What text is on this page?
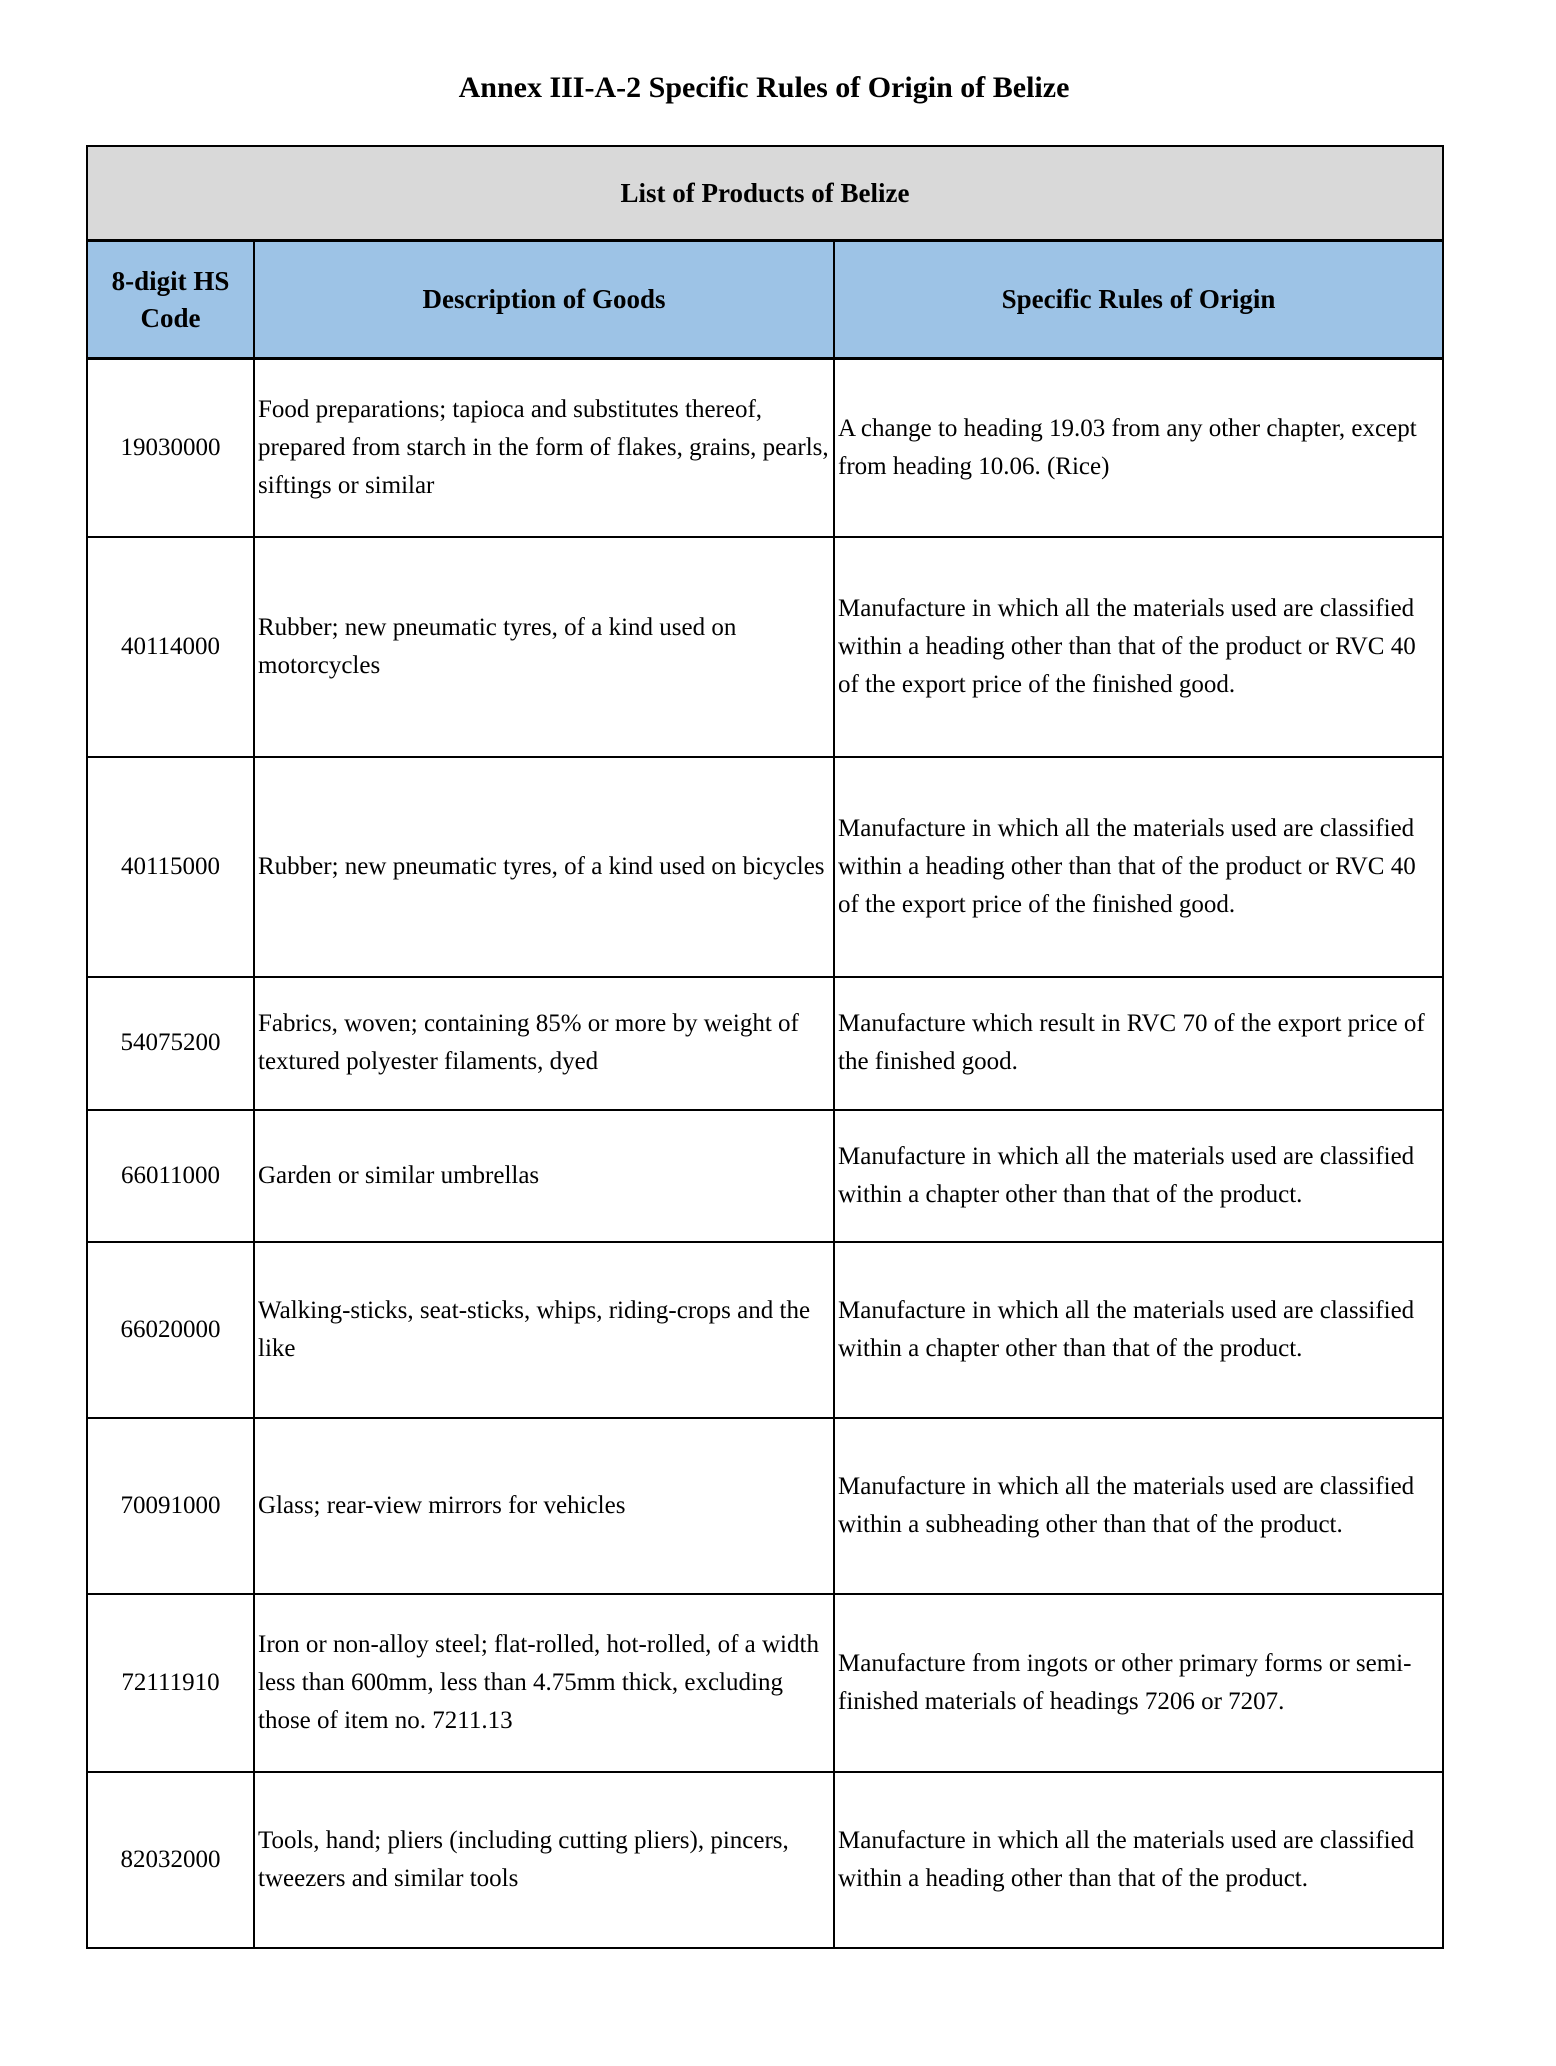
Annex III-A-2 Specific Rules of Origin of Belize
List of Products of Belize		
8-digit HS Code	Description of Goods	Specific Rules of Origin
19030000	Food preparations; tapioca and substitutes thereof, prepared from starch in the form of flakes, grains, pearls, siftings or similar	A change to heading 19.03 from any other chapter, except from heading 10.06. (Rice)
40114000	Rubber; new pneumatic tyres, of a kind used on motorcycles	Manufacture in which all the materials used are classified within a heading other than that of the product or RVC 40 of the export price of the finished good.
40115000	Rubber; new pneumatic tyres, of a kind used on bicycles	Manufacture in which all the materials used are classified within a heading other than that of the product or RVC 40 of the export price of the finished good.
54075200	Fabrics, woven; containing 85% or more by weight of textured polyester filaments, dyed	Manufacture which result in RVC 70 of the export price of the finished good.
66011000	Garden or similar umbrellas	Manufacture in which all the materials used are classified within a chapter other than that of the product.
66020000	Walking-sticks, seat-sticks, whips, riding-crops and the like	Manufacture in which all the materials used are classified within a chapter other than that of the product.
70091000	Glass; rear-view mirrors for vehicles	Manufacture in which all the materials used are classified within a subheading other than that of the product.
72111910	Iron or non-alloy steel; flat-rolled, hot-rolled, of a width less than 600mm, less than 4.75mm thick, excluding those of item no. 7211.13	Manufacture from ingots or other primary forms or semi-finished materials of headings 7206 or 7207.
82032000	Tools, hand; pliers (including cutting pliers), pincers, tweezers and similar tools	Manufacture in which all the materials used are classified within a heading other than that of the product.
